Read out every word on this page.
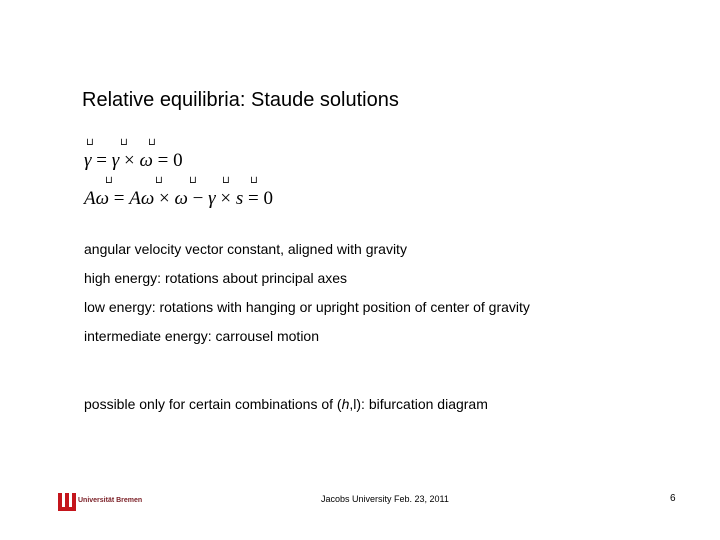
Relative equilibria: Staude solutions
⊔
γ =
⊔
γ ×
⊔
ω = 0
⊔
Aω =
⊔
Aω ×
⊔
ω −
⊔
γ ×
⊔
s = 0
angular velocity vector constant, aligned with gravity
high energy: rotations about principal axes
low energy: rotations with hanging or upright position of center of gravity
intermediate energy: carrousel motion
possible only for certain combinations of (h,l): bifurcation diagram
Universität Bremen	Jacobs University Feb. 23, 2011	6
